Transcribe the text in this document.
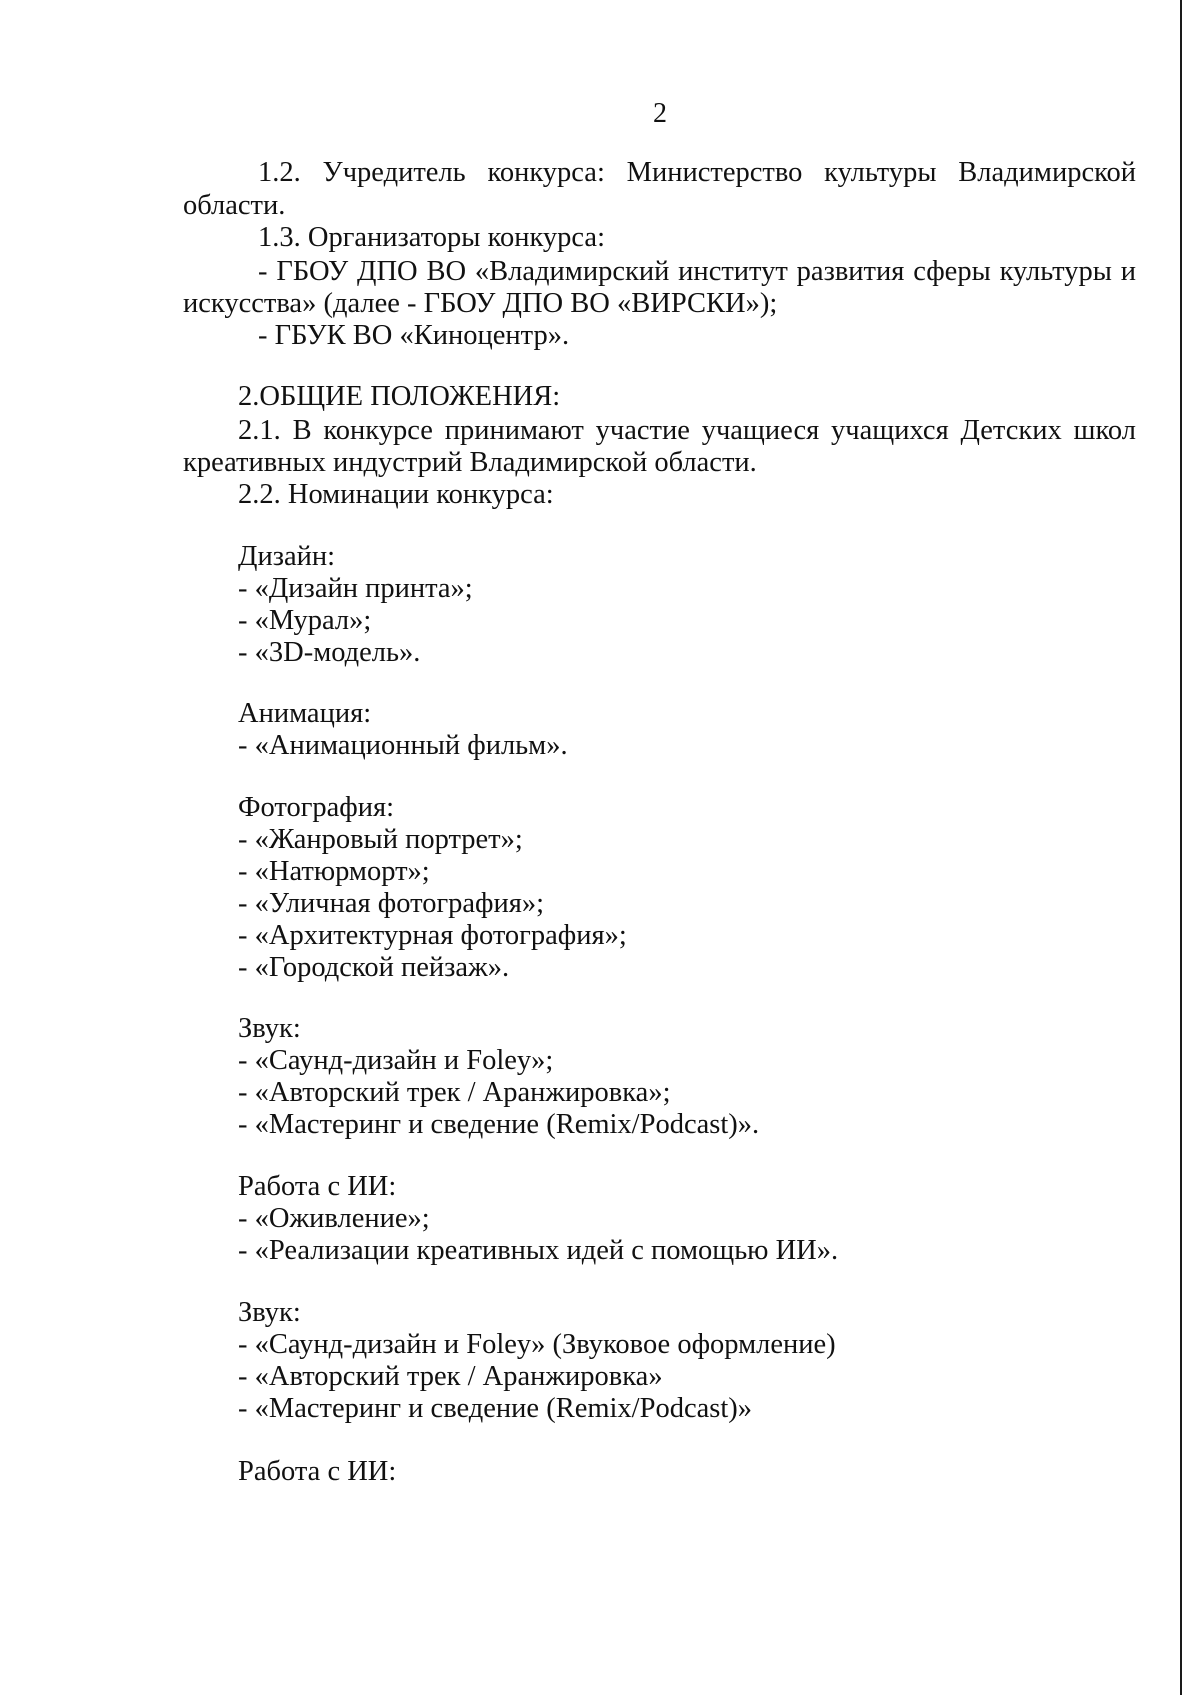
2
1.2. Учредитель конкурса: Министерство культуры Владимирской
области.
1.3. Организаторы конкурса:
- ГБОУ ДПО ВО «Владимирский институт развития сферы культуры и
искусства» (далее - ГБОУ ДПО ВО «ВИРСКИ»);
- ГБУК ВО «Киноцентр».
2.ОБЩИЕ ПОЛОЖЕНИЯ:
2.1. В конкурсе принимают участие учащиеся учащихся Детских школ
креативных индустрий Владимирской области.
2.2. Номинации конкурса:
Дизайн:
- «Дизайн принта»;
- «Мурал»;
- «3D-модель».
Анимация:
- «Анимационный фильм».
Фотография:
- «Жанровый портрет»;
- «Натюрморт»;
- «Уличная фотография»;
- «Архитектурная фотография»;
- «Городской пейзаж».
Звук:
- «Саунд-дизайн и Foley»;
- «Авторский трек / Аранжировка»;
- «Мастеринг и сведение (Remix/Podcast)».
Работа с ИИ:
- «Оживление»;
- «Реализации креативных идей с помощью ИИ».
Звук:
- «Саунд-дизайн и Foley» (Звуковое оформление)
- «Авторский трек / Аранжировка»
- «Мастеринг и сведение (Remix/Podcast)»
Работа с ИИ:
